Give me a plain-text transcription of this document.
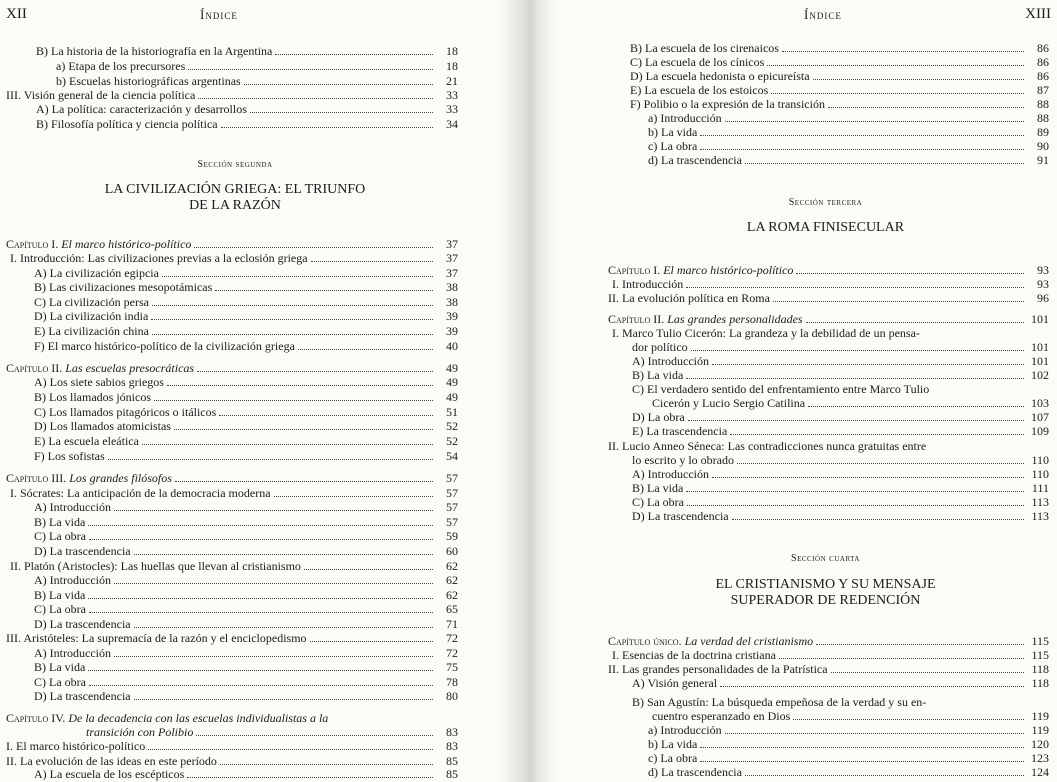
XII	Índice
B) La historia de la historiografía en la Argentina	18
a) Etapa de los precursores	18
b) Escuelas historiográficas argentinas	21
III. Visión general de la ciencia política	33
A) La política: caracterización y desarrollos	33
B) Filosofía política y ciencia política	34
Sección segunda
LA CIVILIZACIÓN GRIEGA: EL TRIUNFO
DE LA RAZÓN
Capítulo I. El marco histórico-político	37
I. Introducción: Las civilizaciones previas a la eclosión griega	37
A) La civilización egipcia	37
B) Las civilizaciones mesopotámicas	38
C) La civilización persa	38
D) La civilización india	39
E) La civilización china	39
F) El marco histórico-político de la civilización griega	40
Capítulo II. Las escuelas presocráticas	49
A) Los siete sabios griegos	49
B) Los llamados jónicos	49
C) Los llamados pitagóricos o itálicos	51
D) Los llamados atomicistas	52
E) La escuela eleática	52
F) Los sofistas	54
Capítulo III. Los grandes filósofos	57
I. Sócrates: La anticipación de la democracia moderna	57
A) Introducción	57
B) La vida	57
C) La obra	59
D) La trascendencia	60
II. Platón (Aristocles): Las huellas que llevan al cristianismo	62
A) Introducción	62
B) La vida	62
C) La obra	65
D) La trascendencia	71
III. Aristóteles: La supremacía de la razón y el enciclopedismo	72
A) Introducción	72
B) La vida	75
C) La obra	78
D) La trascendencia	80
Capítulo IV. De la decadencia con las escuelas individualistas a la
transición con Polibio	83
I. El marco histórico-político	83
II. La evolución de las ideas en este período	85
A) La escuela de los escépticos	85
Índice	XIII
B) La escuela de los cirenaicos	86
C) La escuela de los cínicos	86
D) La escuela hedonista o epicureísta	86
E) La escuela de los estoicos	87
F) Polibio o la expresión de la transición	88
a) Introducción	88
b) La vida	89
c) La obra	90
d) La trascendencia	91
Sección tercera
LA ROMA FINISECULAR
Capítulo I. El marco histórico-político	93
I. Introducción	93
II. La evolución política en Roma	96
Capítulo II. Las grandes personalidades	101
I. Marco Tulio Cicerón: La grandeza y la debilidad de un pensa-
dor político	101
A) Introducción	101
B) La vida	102
C) El verdadero sentido del enfrentamiento entre Marco Tulio
Cicerón y Lucio Sergio Catilina	103
D) La obra	107
E) La trascendencia	109
II. Lucio Anneo Séneca: Las contradicciones nunca gratuitas entre
lo escrito y lo obrado	110
A) Introducción	110
B) La vida	111
C) La obra	113
D) La trascendencia	113
Sección cuarta
EL CRISTIANISMO Y SU MENSAJE
SUPERADOR DE REDENCIÓN
Capítulo único. La verdad del cristianismo	115
I. Esencias de la doctrina cristiana	115
II. Las grandes personalidades de la Patrística	118
A) Visión general	118
B) San Agustín: La búsqueda empeñosa de la verdad y su en-
cuentro esperanzado en Dios	119
a) Introducción	119
b) La vida	120
c) La obra	123
d) La trascendencia	124
